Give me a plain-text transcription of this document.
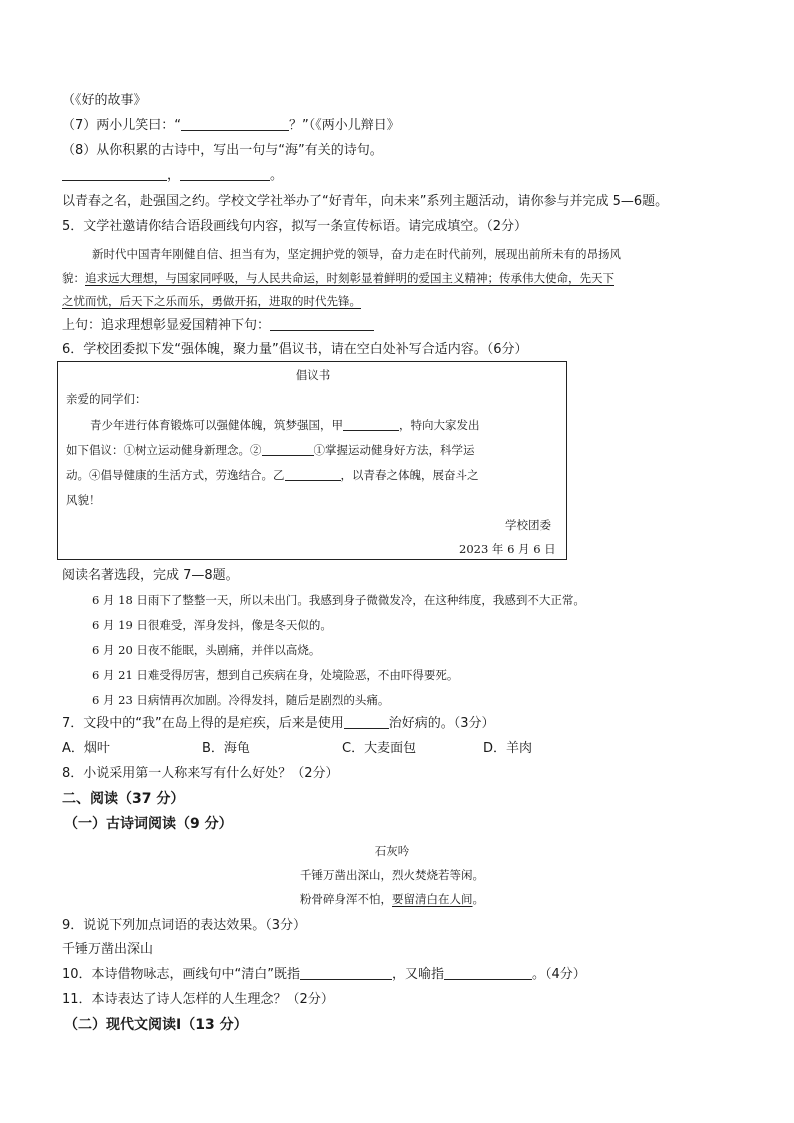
（《好的故事》
（7）两小儿笑曰：“	？”（《两小儿辩日》
（8）从你积累的古诗中，写出一句与“海”有关的诗句。
，	。
以青春之名，赴强国之约。学校文学社举办了“好青年，向未来”系列主题活动，请你参与并完成 5—6题。
5．文学社邀请你结合语段画线句内容，拟写一条宣传标语。请完成填空。（2分）
新时代中国青年刚健自信、担当有为，坚定拥护党的领导，奋力走在时代前列，展现出前所未有的昂扬风
貌：追求远大理想，与国家同呼吸，与人民共命运，时刻彰显着鲜明的爱国主义精神；传承伟大使命，先天下
之忧而忧，后天下之乐而乐，勇做开拓，进取的时代先锋。
上句：追求理想彰显爱国精神下句：
6．学校团委拟下发“强体魄，聚力量”倡议书，请在空白处补写合适内容。（6分）
倡议书
亲爱的同学们：
青少年进行体育锻炼可以强健体魄，筑梦强国，甲	，特向大家发出
如下倡议：①树立运动健身新理念。②	①掌握运动健身好方法，科学运
动。④倡导健康的生活方式，劳逸结合。乙	，以青春之体魄，展奋斗之
风貌！
学校团委
2023 年 6 月 6 日
阅读名著选段，完成 7—8题。
6 月 18 日雨下了整整一天，所以未出门。我感到身子微微发冷，在这种纬度，我感到不大正常。
6 月 19 日很难受，浑身发抖，像是冬天似的。
6 月 20 日夜不能眠，头剧痛，并伴以高烧。
6 月 21 日难受得厉害，想到自己疾病在身，处境险恶，不由吓得要死。
6 月 23 日病情再次加剧。冷得发抖，随后是剧烈的头痛。
7．文段中的“我”在岛上得的是疟疾，后来是使用	治好病的。（3分）
A．烟叶	B．海龟	C．大麦面包	D．羊肉
8．小说采用第一人称来写有什么好处？（2分）
二、阅读（37 分）
（一）古诗词阅读（9 分）
石灰吟
千锤万凿出深山，烈火焚烧若等闲。
粉骨碎身浑不怕，要留清白在人间。
9．说说下列加点词语的表达效果。（3分）
千锤万凿出深山
10．本诗借物咏志，画线句中“清白”既指	，又喻指	。（4分）
11．本诗表达了诗人怎样的人生理念？（2分）
（二）现代文阅读Ⅰ（13 分）
